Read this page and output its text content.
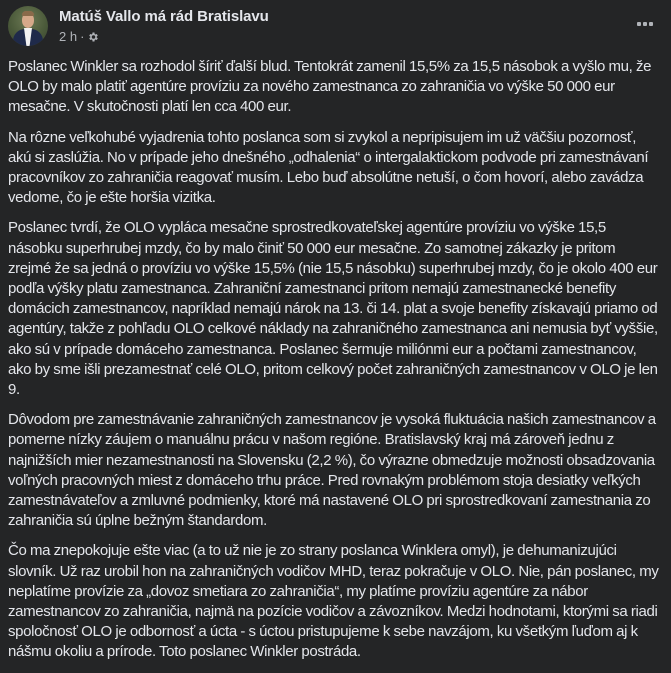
Matúš Vallo má rád Bratislavu
2 h ·

Poslanec Winkler sa rozhodol šíriť ďalší blud. Tentokrát zamenil 15,5% za 15,5 násobok a vyšlo mu, že OLO by malo platiť agentúre províziu za nového zamestnanca zo zahraničia vo výške 50 000 eur mesačne. V skutočnosti platí len cca 400 eur.

Na rôzne veľkohubé vyjadrenia tohto poslanca som si zvykol a nepripisujem im už väčšiu pozornosť, akú si zaslúžia. No v prípade jeho dnešného „odhalenia“ o intergalaktickom podvode pri zamestnávaní pracovníkov zo zahraničia reagovať musím. Lebo buď absolútne netuší, o čom hovorí, alebo zavádza vedome, čo je ešte horšia vizitka.

Poslanec tvrdí, že OLO vypláca mesačne sprostredkovateľskej agentúre províziu vo výške 15,5 násobku superhrubej mzdy, čo by malo činiť 50 000 eur mesačne. Zo samotnej zákazky je pritom zrejmé že sa jedná o províziu vo výške 15,5% (nie 15,5 násobku) superhrubej mzdy, čo je okolo 400 eur podľa výšky platu zamestnanca. Zahraniční zamestnanci pritom nemajú zamestnanecké benefity domácich zamestnancov, napríklad nemajú nárok na 13. či 14. plat a svoje benefity získavajú priamo od agentúry, takže z pohľadu OLO celkové náklady na zahraničného zamestnanca ani nemusia byť vyššie, ako sú v prípade domáceho zamestnanca. Poslanec šermuje miliónmi eur a počtami zamestnancov, ako by sme išli prezamestnať celé OLO, pritom celkový počet zahraničných zamestnancov v OLO je len 9.

Dôvodom pre zamestnávanie zahraničných zamestnancov je vysoká fluktuácia našich zamestnancov a pomerne nízky záujem o manuálnu prácu v našom regióne. Bratislavský kraj má zároveň jednu z najnižších mier nezamestnanosti na Slovensku (2,2 %), čo výrazne obmedzuje možnosti obsadzovania voľných pracovných miest z domáceho trhu práce. Pred rovnakým problémom stoja desiatky veľkých zamestnávateľov a zmluvné podmienky, ktoré má nastavené OLO pri sprostredkovaní zamestnania zo zahraničia sú úplne bežným štandardom.

Čo ma znepokojuje ešte viac (a to už nie je zo strany poslanca Winklera omyl), je dehumanizujúci slovník. Už raz urobil hon na zahraničných vodičov MHD, teraz pokračuje v OLO. Nie, pán poslanec, my neplatíme provízie za „dovoz smetiara zo zahraničia“, my platíme províziu agentúre za nábor zamestnancov zo zahraničia, najmä na pozície vodičov a závozníkov. Medzi hodnotami, ktorými sa riadi spoločnosť OLO je odbornosť a úcta - s úctou pristupujeme k sebe navzájom, ku všetkým ľuďom aj k nášmu okoliu a prírode. Toto poslanec Winkler postráda.
